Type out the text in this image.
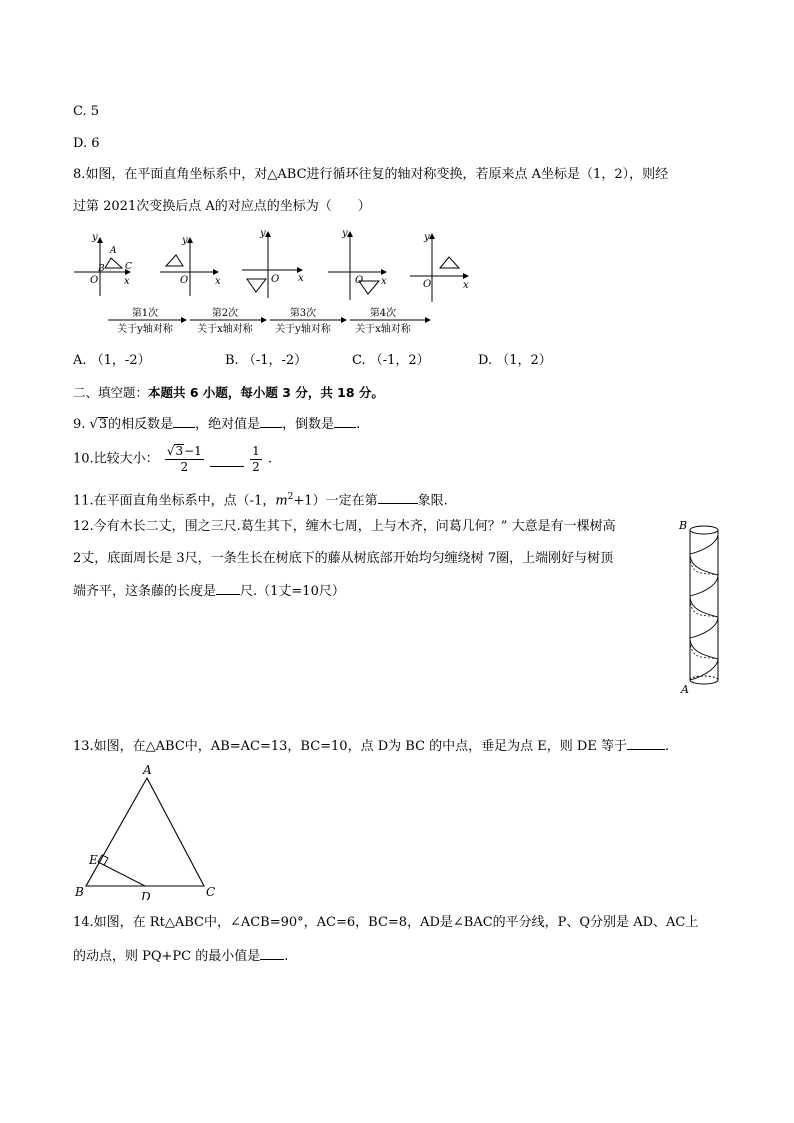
C. 5
D. 6
8.如图，在平面直角坐标系中，对△ABC进行循环往复的轴对称变换，若原来点 A坐标是（1，2），则经
过第 2021次变换后点 A的对应点的坐标为（　　）
y
x
O
A
B C
y
x
O
y
x
O
y
x
O
y
x
O
第1次
关于y轴对称
第2次
关于x轴对称
第3次
关于y轴对称
第4次
关于x轴对称
A. （1，-2）	B. （-1，-2）	C. （-1，2）	D. （1，2）
二、填空题：本题共 6 小题，每小题 3 分，共 18 分。
9. √3的相反数是 ，绝对值是 ，倒数是 .
10.比较大小： $\frac{√3-1}{2}$
	$\frac{1}{2}$ .
11.在平面直角坐标系中，点（-1，$m^2+1$）一定在第	象限.
12.今有木长二丈，围之三尺.葛生其下，缠木七周，上与木齐，问葛几何？” 大意是有一棵树高
2丈，底面周长是 3尺，一条生长在树底下的藤从树底部开始均匀缠绕树 7圈，上端刚好与树顶
端齐平，这条藤的长度是 尺.（1丈=10尺）
B
A
13.如图，在△ABC中，AB=AC=13，BC=10，点 D为 BC 的中点，垂足为点 E，则 DE 等于	.
A
B	C
D
E
14.如图，在 Rt△ABC中，∠ACB=90°，AC=6，BC=8，AD是∠BAC的平分线，P、Q分别是 AD、AC上
的动点，则 PQ+PC 的最小值是 .
